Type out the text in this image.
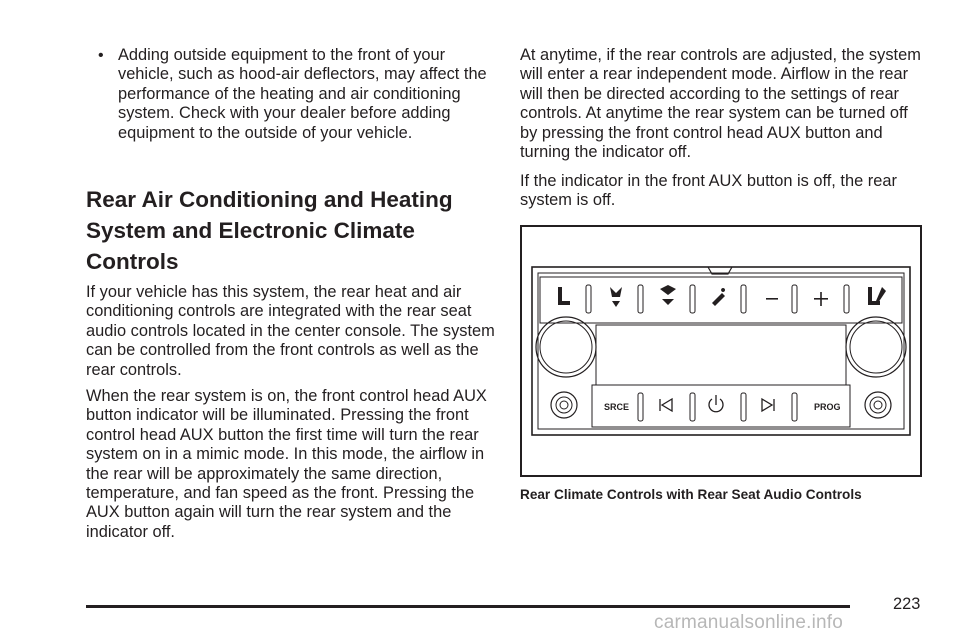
• Adding outside equipment to the front of your vehicle, such as hood-air deflectors, may affect the performance of the heating and air conditioning system. Check with your dealer before adding equipment to the outside of your vehicle.

Rear Air Conditioning and Heating
System and Electronic Climate
Controls

If your vehicle has this system, the rear heat and air conditioning controls are integrated with the rear seat audio controls located in the center console. The system can be controlled from the front controls as well as the rear controls.

When the rear system is on, the front control head AUX button indicator will be illuminated. Pressing the front control head AUX button the first time will turn the rear system on in a mimic mode. In this mode, the airflow in the rear will be approximately the same direction, temperature, and fan speed as the front. Pressing the AUX button again will turn the rear system and the indicator off.

At anytime, if the rear controls are adjusted, the system will enter a rear independent mode. Airflow in the rear will then be directed according to the settings of rear controls. At anytime the rear system can be turned off by pressing the front control head AUX button and turning the indicator off.

If the indicator in the front AUX button is off, the rear system is off.

SRCE	PROG
Rear Climate Controls with Rear Seat Audio Controls
223
carmanualsonline.info
